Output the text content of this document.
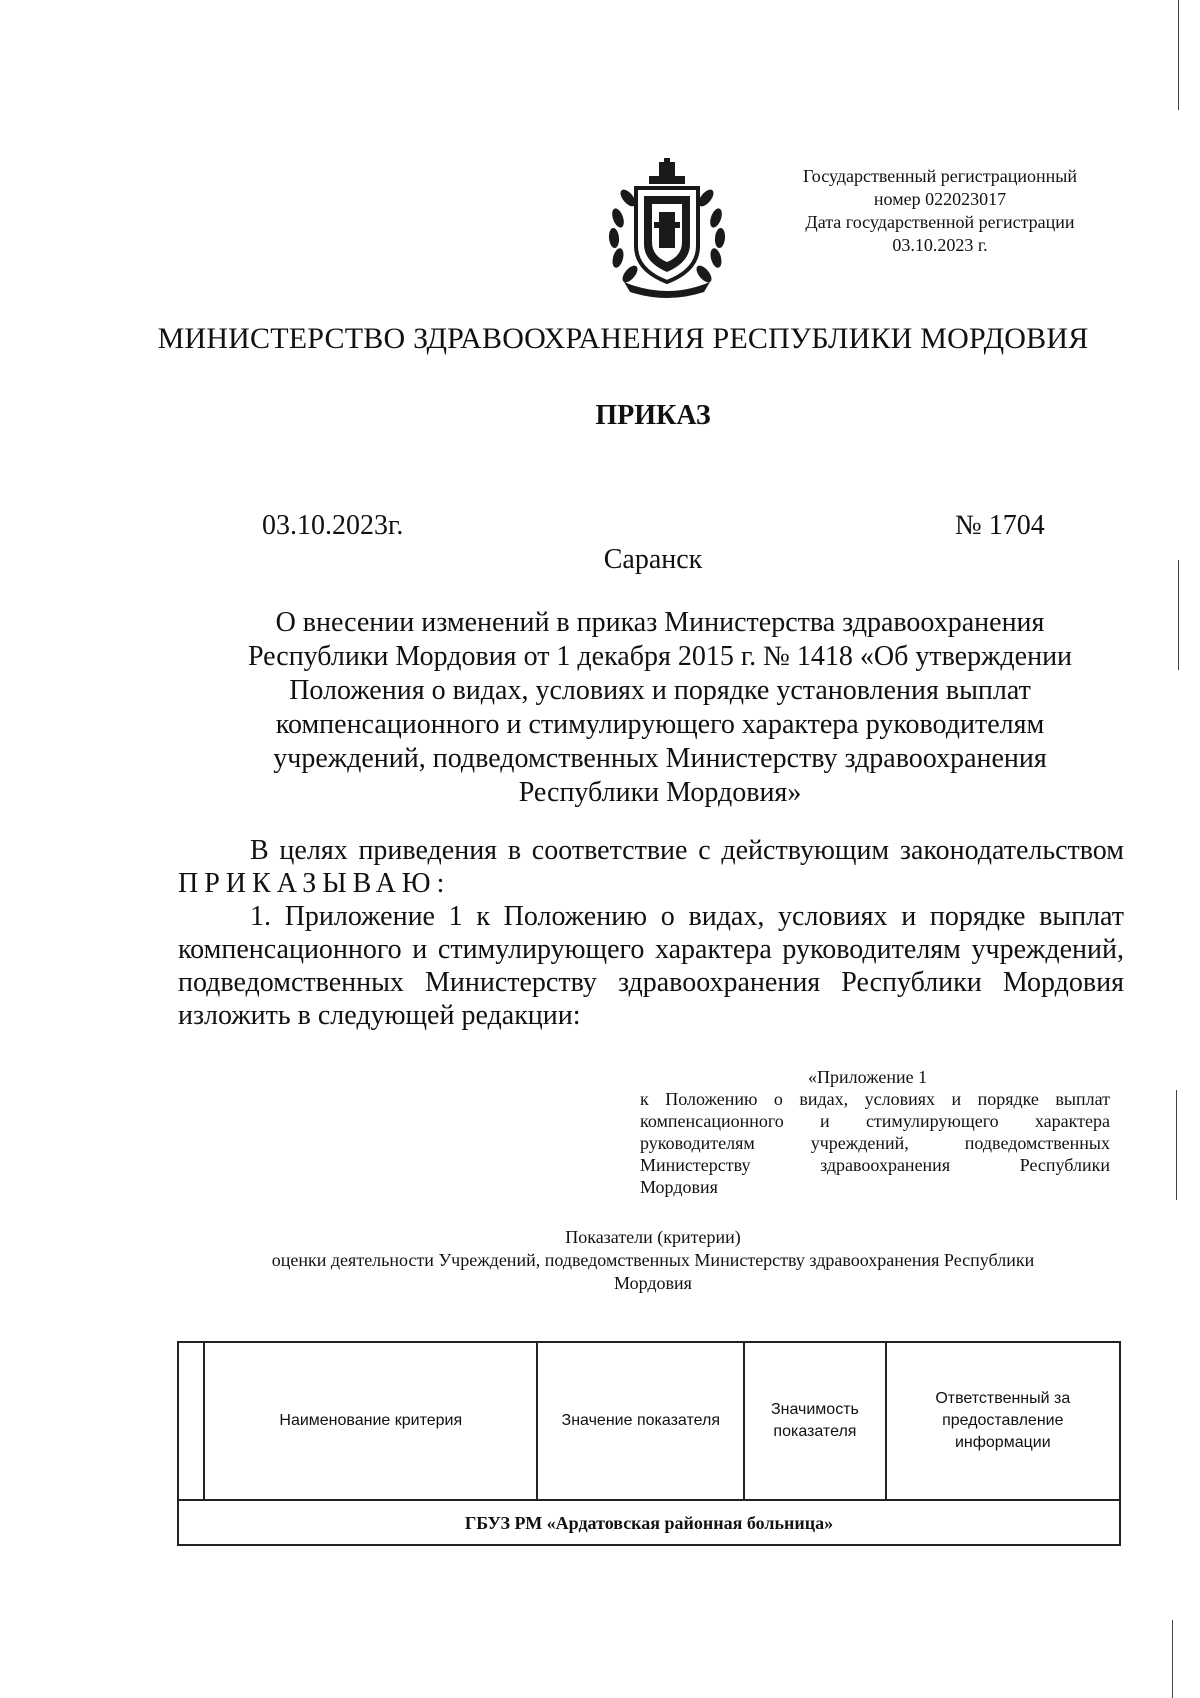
Государственный регистрационный
номер 022023017
Дата государственной регистрации
03.10.2023 г.
МИНИСТЕРСТВО ЗДРАВООХРАНЕНИЯ РЕСПУБЛИКИ МОРДОВИЯ
ПРИКАЗ
03.10.2023г.	№ 1704
Саранск
О внесении изменений в приказ Министерства здравоохранения
Республики Мордовия от 1 декабря 2015 г. № 1418 «Об утверждении
Положения о видах, условиях и порядке установления выплат
компенсационного и стимулирующего характера руководителям
учреждений, подведомственных Министерству здравоохранения
Республики Мордовия»
В целях приведения в соответствие с действующим законодательством
ПРИКАЗЫВАЮ:
1. Приложение 1 к Положению о видах, условиях и порядке выплат
компенсационного и стимулирующего характера руководителям учреждений,
подведомственных Министерству здравоохранения Республики Мордовия
изложить в следующей редакции:
«Приложение 1
к Положению о видах, условиях и порядке выплат компенсационного и стимулирующего характера руководителям учреждений, подведомственных Министерству здравоохранения Республики
Мордовия
Показатели (критерии)
оценки деятельности Учреждений, подведомственных Министерству здравоохранения Республики
Мордовия
	Наименование критерия	Значение показателя	Значимость показателя	Ответственный за предоставление информации
ГБУЗ РМ «Ардатовская районная больница»
